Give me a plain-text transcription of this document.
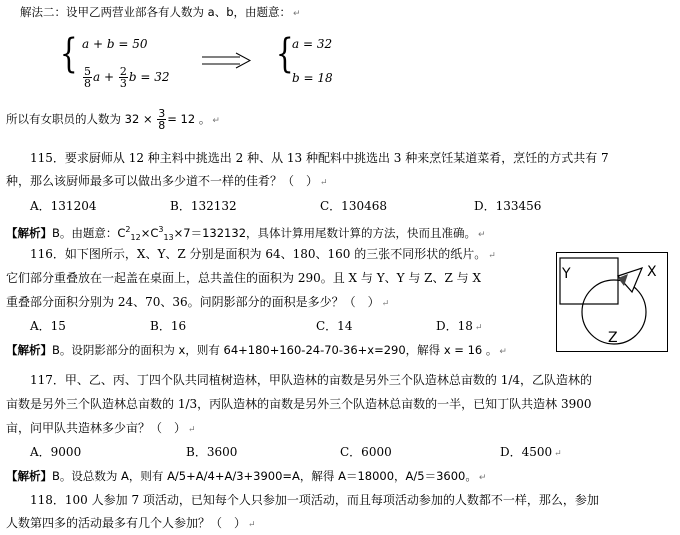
解法二：设甲乙两营业部各有人数为 a、b，由题意： ↵
{ a + b = 50
$\frac{5}{8}$ $a + \frac{2}{3}$ b = 32	{
a = 32
b = 18
所以有女职员的人数为 $32 \times \frac{3}{8} = 12$ 。 ↵
115．要求厨师从 12 种主料中挑选出 2 种、从 13 种配料中挑选出 3 种来烹饪某道菜肴，烹饪的方式共有 7
种，那么该厨师最多可以做出多少道不一样的佳肴？（　） ↵
A．131204	B．132132	C．130468	D．133456
【解析】B。由题意：$C^2_{12}\times C^3_{13}\times 7=132132$，具体计算用尾数计算的方法，快而且准确。 ↵
116．如下图所示，X、Y、Z 分别是面积为 64、180、160 的三张不同形状的纸片。 ↵
它们部分重叠放在一起盖在桌面上，总共盖住的面积为 290。且 X 与 Y、Y 与 Z、Z 与 X
重叠部分面积分别为 24、70、36。问阴影部分的面积是多少？（　） ↵
A．15	B．16	C．14	D．18 ↵
【解析】B。设阴影部分的面积为 x，则有 64+180+160-24-70-36+x=290，解得 x = 16 。 ↵
Y	X
Z
117．甲、乙、丙、丁四个队共同植树造林，甲队造林的亩数是另外三个队造林总亩数的 1/4，乙队造林的
亩数是另外三个队造林总亩数的 1/3，丙队造林的亩数是另外三个队造林总亩数的一半，已知丁队共造林 3900
亩，问甲队共造林多少亩？（　） ↵
A．9000	B．3600	C．6000	D．4500 ↵
【解析】B。设总数为 A，则有 A/5+A/4+A/3+3900=A，解得 A＝18000，A/5＝3600。 ↵
118．100 人参加 7 项活动，已知每个人只参加一项活动，而且每项活动参加的人数都不一样，那么，参加
人数第四多的活动最多有几个人参加？（　） ↵
